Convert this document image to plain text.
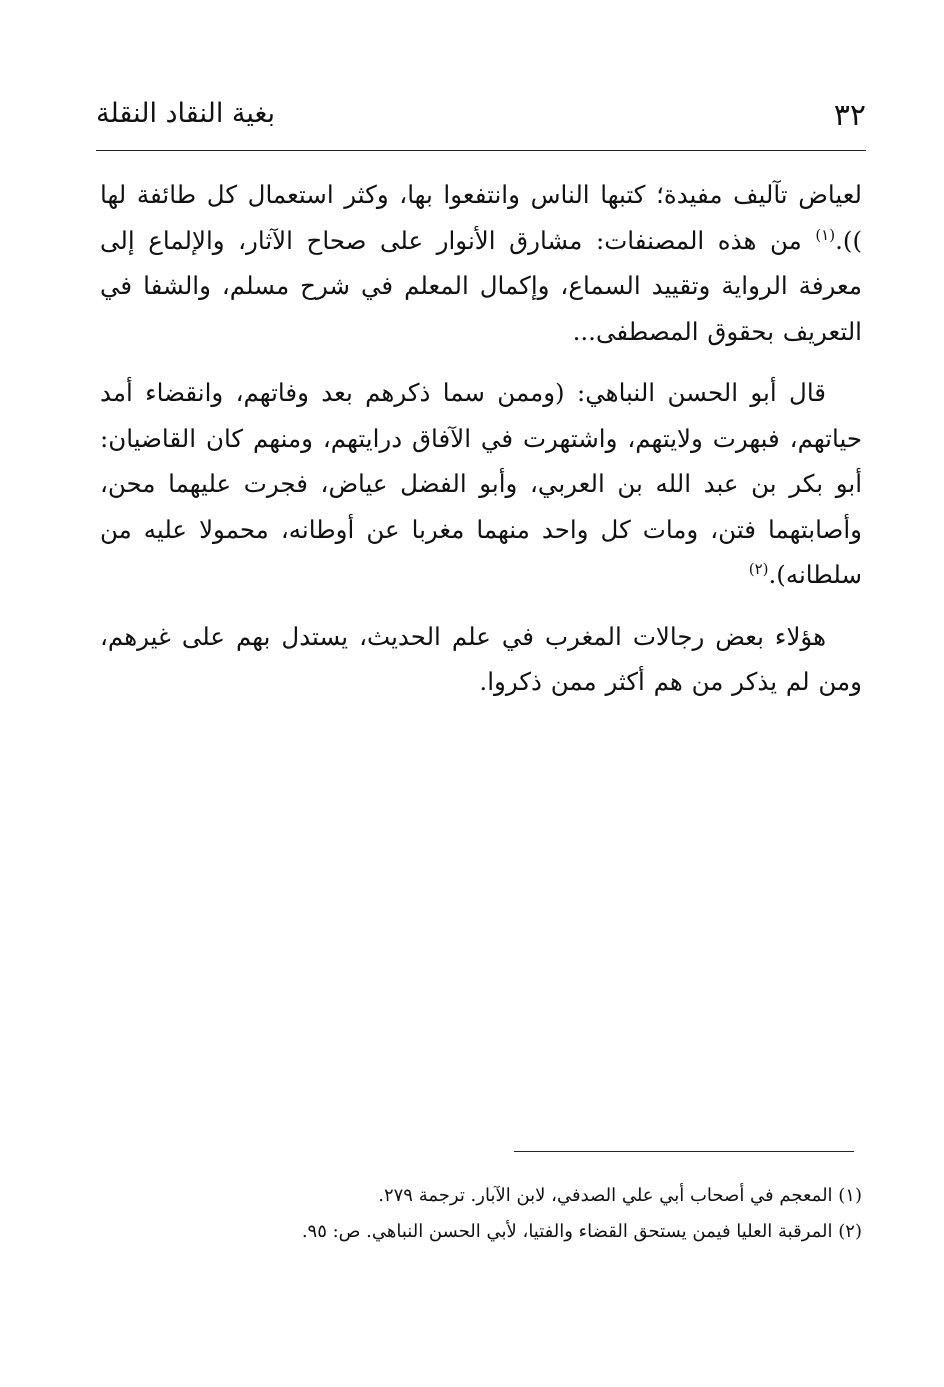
٣٢
بغية النقاد النقلة

لعياض تآليف مفيدة؛ كتبها الناس وانتفعوا بها، وكثر استعمال كل طائفة لها )).$^{(١)}$ من هذه المصنفات: مشارق الأنوار على صحاح الآثار، والإلماع إلى معرفة الرواية وتقييد السماع، وإكمال المعلم في شرح مسلم، والشفا في التعريف بحقوق المصطفى...

قال أبو الحسن النباهي: (وممن سما ذكرهم بعد وفاتهم، وانقضاء أمد حياتهم، فبهرت ولايتهم، واشتهرت في الآفاق درايتهم، ومنهم كان القاضيان: أبو بكر بن عبد الله بن العربي، وأبو الفضل عياض، فجرت عليهما محن، وأصابتهما فتن، ومات كل واحد منهما مغربا عن أوطانه، محمولا عليه من سلطانه).$^{(٢)}$

هؤلاء بعض رجالات المغرب في علم الحديث، يستدل بهم على غيرهم، ومن لم يذكر من هم أكثر ممن ذكروا.

(١) المعجم في أصحاب أبي علي الصدفي، لابن الآبار. ترجمة ٢٧٩.

(٢) المرقبة العليا فيمن يستحق القضاء والفتيا، لأبي الحسن النباهي. ص: ٩٥.
